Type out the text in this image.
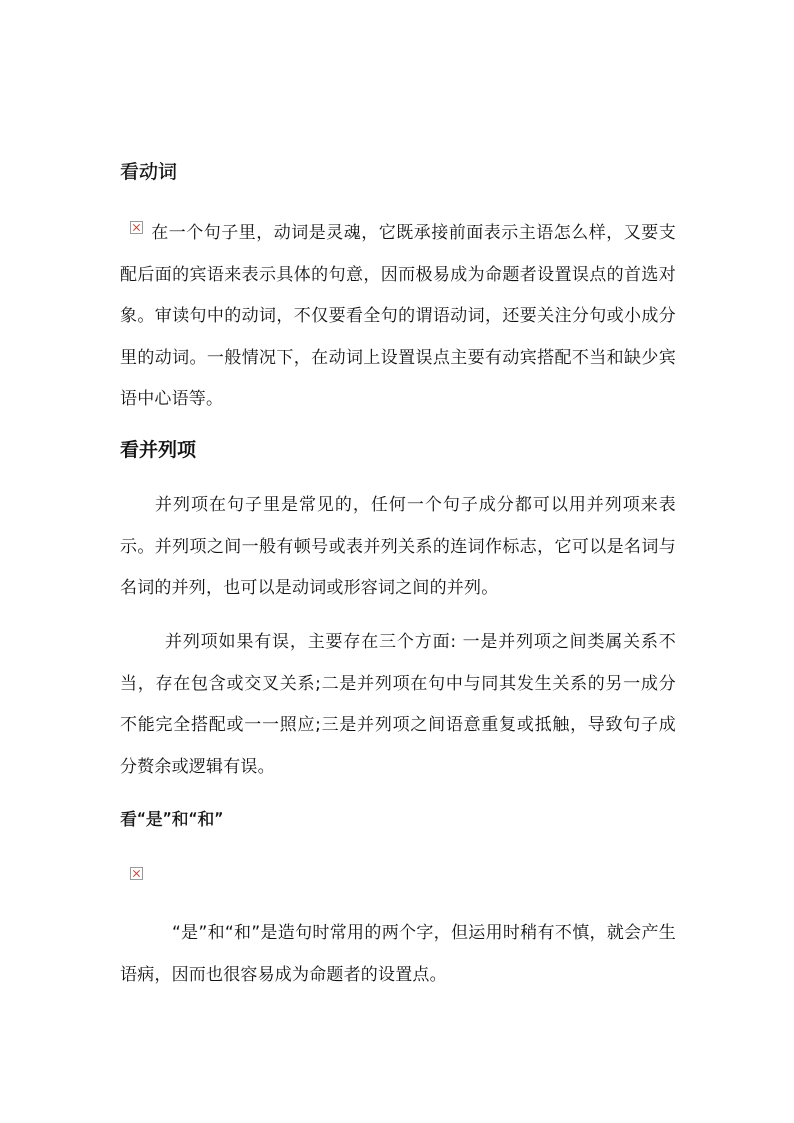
看动词
在一个句子里，动词是灵魂，它既承接前面表示主语怎么样，又要支配后面的宾语来表示具体的句意，因而极易成为命题者设置误点的首选对象。审读句中的动词，不仅要看全句的谓语动词，还要关注分句或小成分里的动词。一般情况下，在动词上设置误点主要有动宾搭配不当和缺少宾语中心语等。
看并列项
并列项在句子里是常见的，任何一个句子成分都可以用并列项来表示。并列项之间一般有顿号或表并列关系的连词作标志，它可以是名词与名词的并列，也可以是动词或形容词之间的并列。
并列项如果有误，主要存在三个方面: 一是并列项之间类属关系不当，存在包含或交叉关系;二是并列项在句中与同其发生关系的另一成分不能完全搭配或一一照应;三是并列项之间语意重复或抵触，导致句子成分赘余或逻辑有误。
看“是”和“和”
“是”和“和”是造句时常用的两个字，但运用时稍有不慎，就会产生语病，因而也很容易成为命题者的设置点。
